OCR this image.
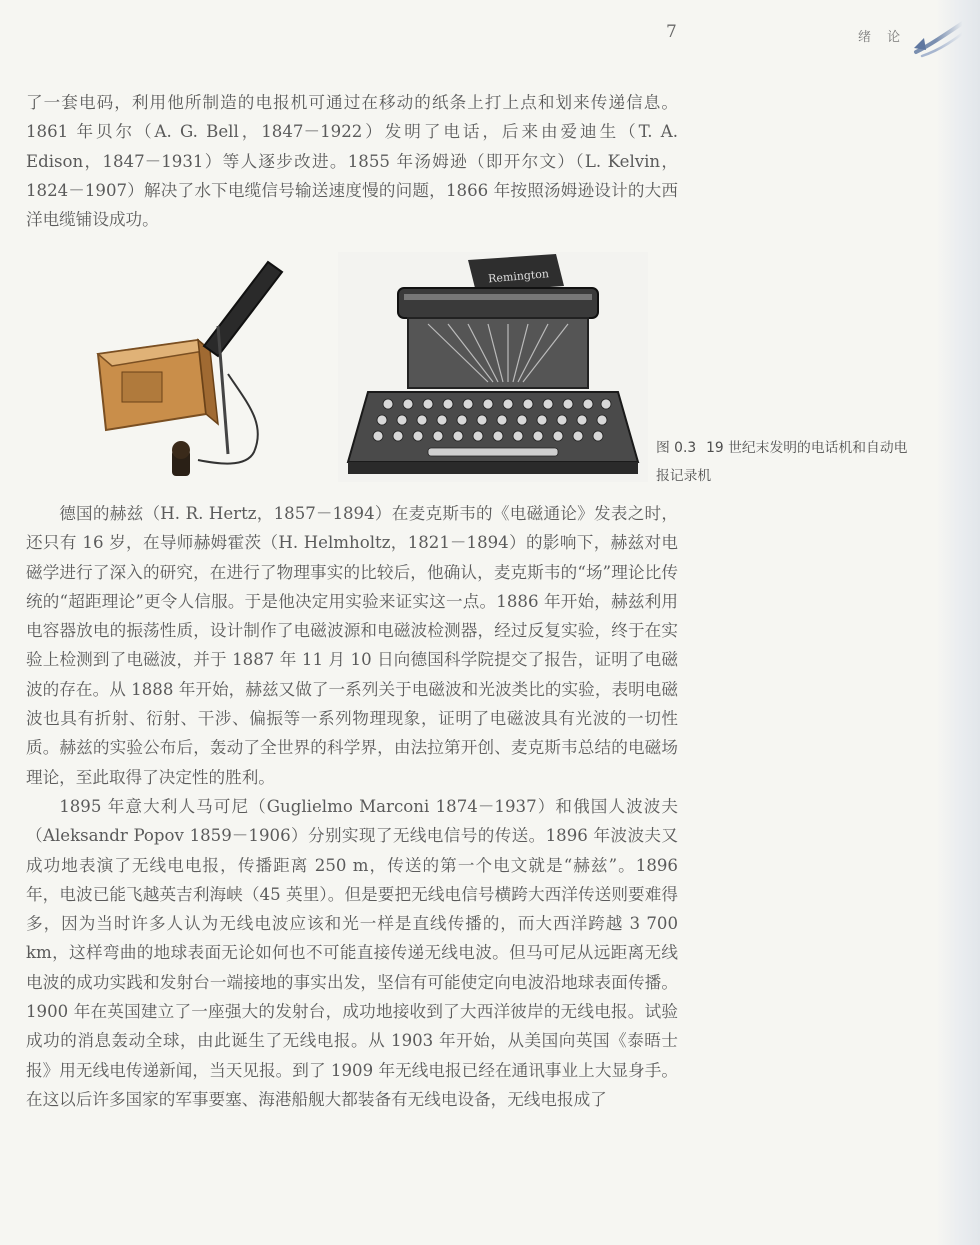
7	绪 论

了一套电码，利用他所制造的电报机可通过在移动的纸条上打上点和划来传递信息。1861 年贝尔（A. G. Bell，1847－1922）发明了电话，后来由爱迪生（T. A. Edison，1847－1931）等人逐步改进。1855 年汤姆逊（即开尔文）（L. Kelvin，1824－1907）解决了水下电缆信号输送速度慢的问题，1866 年按照汤姆逊设计的大西洋电缆铺设成功。

Remington
图 0.3 19 世纪末发明的电话机和自动电报记录机

德国的赫兹（H. R. Hertz，1857－1894）在麦克斯韦的《电磁通论》发表之时，还只有 16 岁，在导师赫姆霍茨（H. Helmholtz，1821－1894）的影响下，赫兹对电磁学进行了深入的研究，在进行了物理事实的比较后，他确认，麦克斯韦的“场”理论比传统的“超距理论”更令人信服。于是他决定用实验来证实这一点。1886 年开始，赫兹利用电容器放电的振荡性质，设计制作了电磁波源和电磁波检测器，经过反复实验，终于在实验上检测到了电磁波，并于 1887 年 11 月 10 日向德国科学院提交了报告，证明了电磁波的存在。从 1888 年开始，赫兹又做了一系列关于电磁波和光波类比的实验，表明电磁波也具有折射、衍射、干涉、偏振等一系列物理现象，证明了电磁波具有光波的一切性质。赫兹的实验公布后，轰动了全世界的科学界，由法拉第开创、麦克斯韦总结的电磁场理论，至此取得了决定性的胜利。

1895 年意大利人马可尼（Guglielmo Marconi 1874－1937）和俄国人波波夫（Aleksandr Popov 1859－1906）分别实现了无线电信号的传送。1896 年波波夫又成功地表演了无线电电报，传播距离 250 m，传送的第一个电文就是“赫兹”。1896 年，电波已能飞越英吉利海峡（45 英里）。但是要把无线电信号横跨大西洋传送则要难得多，因为当时许多人认为无线电波应该和光一样是直线传播的，而大西洋跨越 3 700 km，这样弯曲的地球表面无论如何也不可能直接传递无线电波。但马可尼从远距离无线电波的成功实践和发射台一端接地的事实出发，坚信有可能使定向电波沿地球表面传播。1900 年在英国建立了一座强大的发射台，成功地接收到了大西洋彼岸的无线电报。试验成功的消息轰动全球，由此诞生了无线电报。从 1903 年开始，从美国向英国《泰晤士报》用无线电传递新闻，当天见报。到了 1909 年无线电报已经在通讯事业上大显身手。在这以后许多国家的军事要塞、海港船舰大都装备有无线电设备，无线电报成了
